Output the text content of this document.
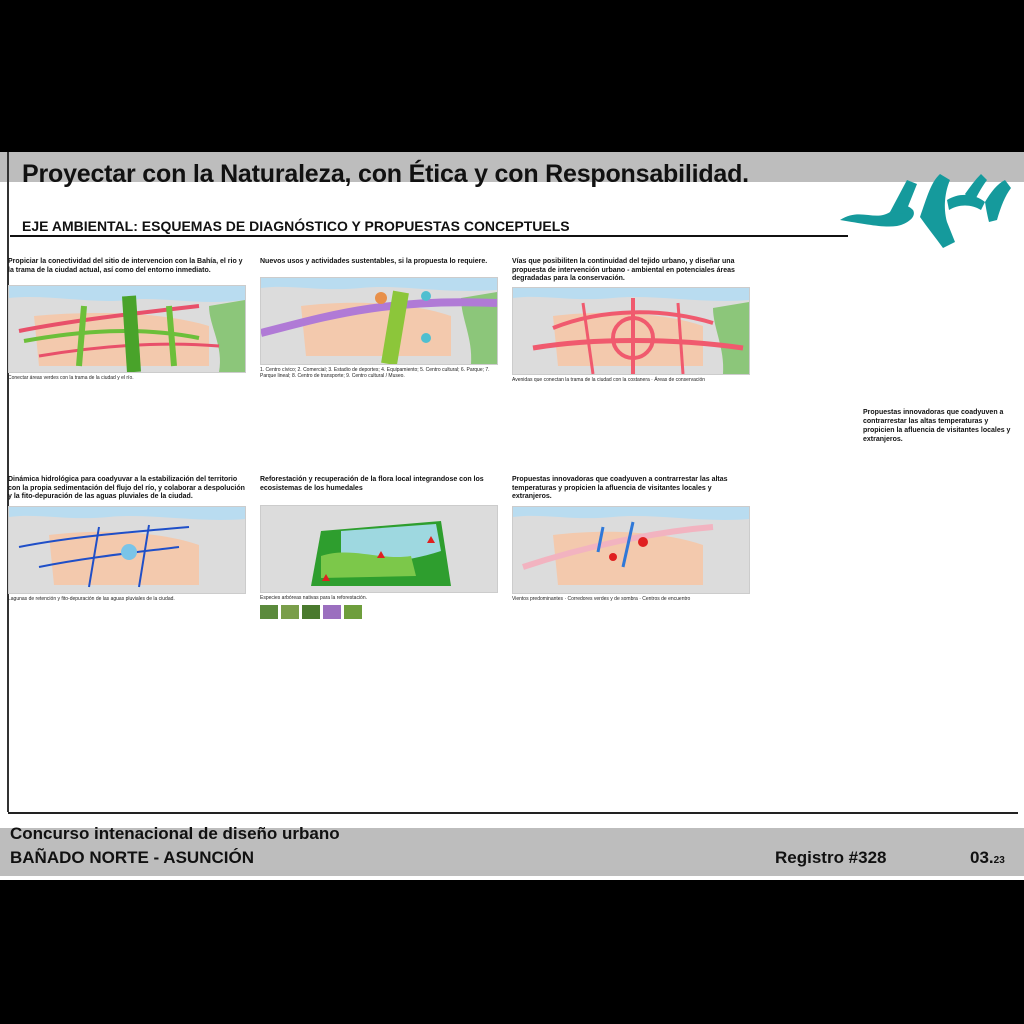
Proyectar con la Naturaleza, con Ética y con Responsabilidad.
EJE AMBIENTAL: ESQUEMAS DE DIAGNÓSTICO Y PROPUESTAS CONCEPTUELS
Propiciar la conectividad del sitio de intervencion con la Bahía, el rio y la trama de la ciudad actual, así como del entorno inmediato.
Conectar áreas verdes con la trama de la ciudad y el río.
Nuevos usos y actividades sustentables, si la propuesta lo requiere.
1. Centro cívico; 2. Comercial; 3. Estadio de deportes; 4. Equipamiento; 5. Centro cultural; 6. Parque; 7. Parque lineal; 8. Centro de transporte; 9. Centro cultural / Museo.
Vías que posibiliten la continuidad del tejido urbano, y diseñar una propuesta de intervención urbano - ambiental en potenciales áreas degradadas para la conservación.
Avenidas que conectan la trama de la ciudad con la costanera · Áreas de conservación
Dinámica hidrológica para coadyuvar a la estabilización del territorio con la propia sedimentación del flujo del río, y colaborar a despolución y la fito-depuración de las aguas pluviales de la ciudad.
Lagunas de retención y fito-depuración de las aguas pluviales de la ciudad.
Reforestación y recuperación de la flora local integrandose con los ecosistemas de los humedales
Especies arbóreas nativas para la reforestación.
Propuestas innovadoras que coadyuven a contrarrestar las altas temperaturas y propicien la afluencia de visitantes locales y extranjeros.
Vientos predominantes · Corredores verdes y de sombra · Centros de encuentro
Propuestas innovadoras que coadyuven a contrarrestar las altas temperaturas y propicien la afluencia de visitantes locales y extranjeros.
Concurso intenacional de diseño urbano
BAÑADO NORTE - ASUNCIÓN	Registro #328	03.23
